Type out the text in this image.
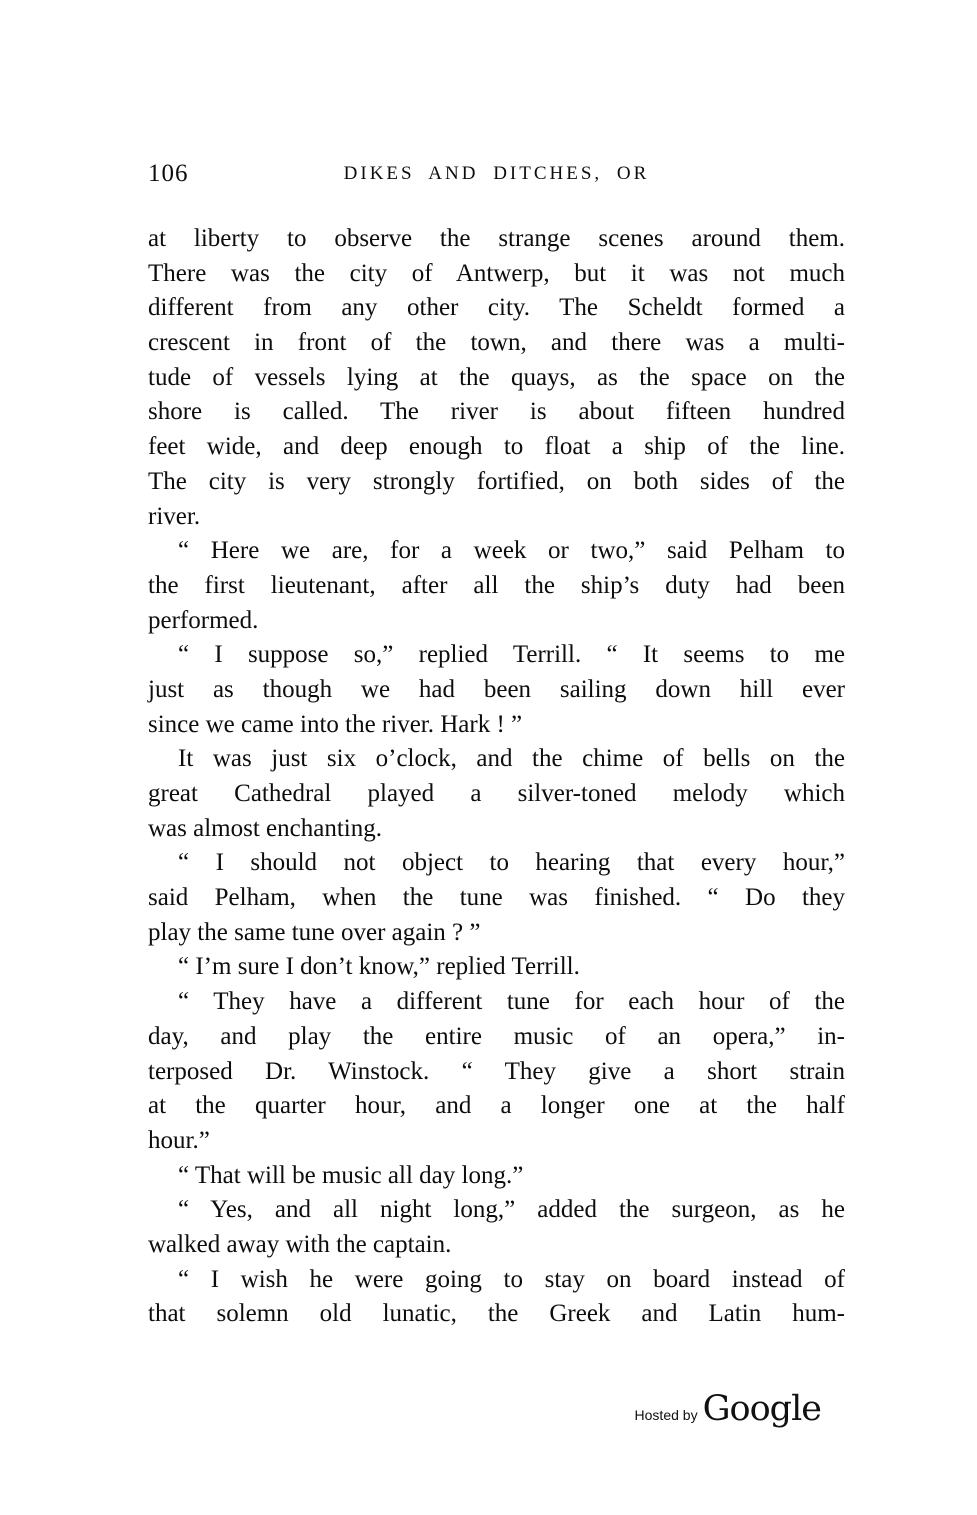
106	DIKES AND DITCHES, OR

at liberty to observe the strange scenes around them.
There was the city of Antwerp, but it was not much
different from any other city. The Scheldt formed a
crescent in front of the town, and there was a multi-
tude of vessels lying at the quays, as the space on the
shore is called. The river is about fifteen hundred
feet wide, and deep enough to float a ship of the line.
The city is very strongly fortified, on both sides of the
river.

“ Here we are, for a week or two,” said Pelham to
the first lieutenant, after all the ship’s duty had been
performed.

“ I suppose so,” replied Terrill. “ It seems to me
just as though we had been sailing down hill ever
since we came into the river. Hark ! ”

It was just six o’clock, and the chime of bells on the
great Cathedral played a silver-toned melody which
was almost enchanting.

“ I should not object to hearing that every hour,”
said Pelham, when the tune was finished. “ Do they
play the same tune over again ? ”

“ I’m sure I don’t know,” replied Terrill.

“ They have a different tune for each hour of the
day, and play the entire music of an opera,” in-
terposed Dr. Winstock. “ They give a short strain
at the quarter hour, and a longer one at the half
hour.”

“ That will be music all day long.”

“ Yes, and all night long,” added the surgeon, as he
walked away with the captain.

“ I wish he were going to stay on board instead of
that solemn old lunatic, the Greek and Latin hum-

Hosted by Google
